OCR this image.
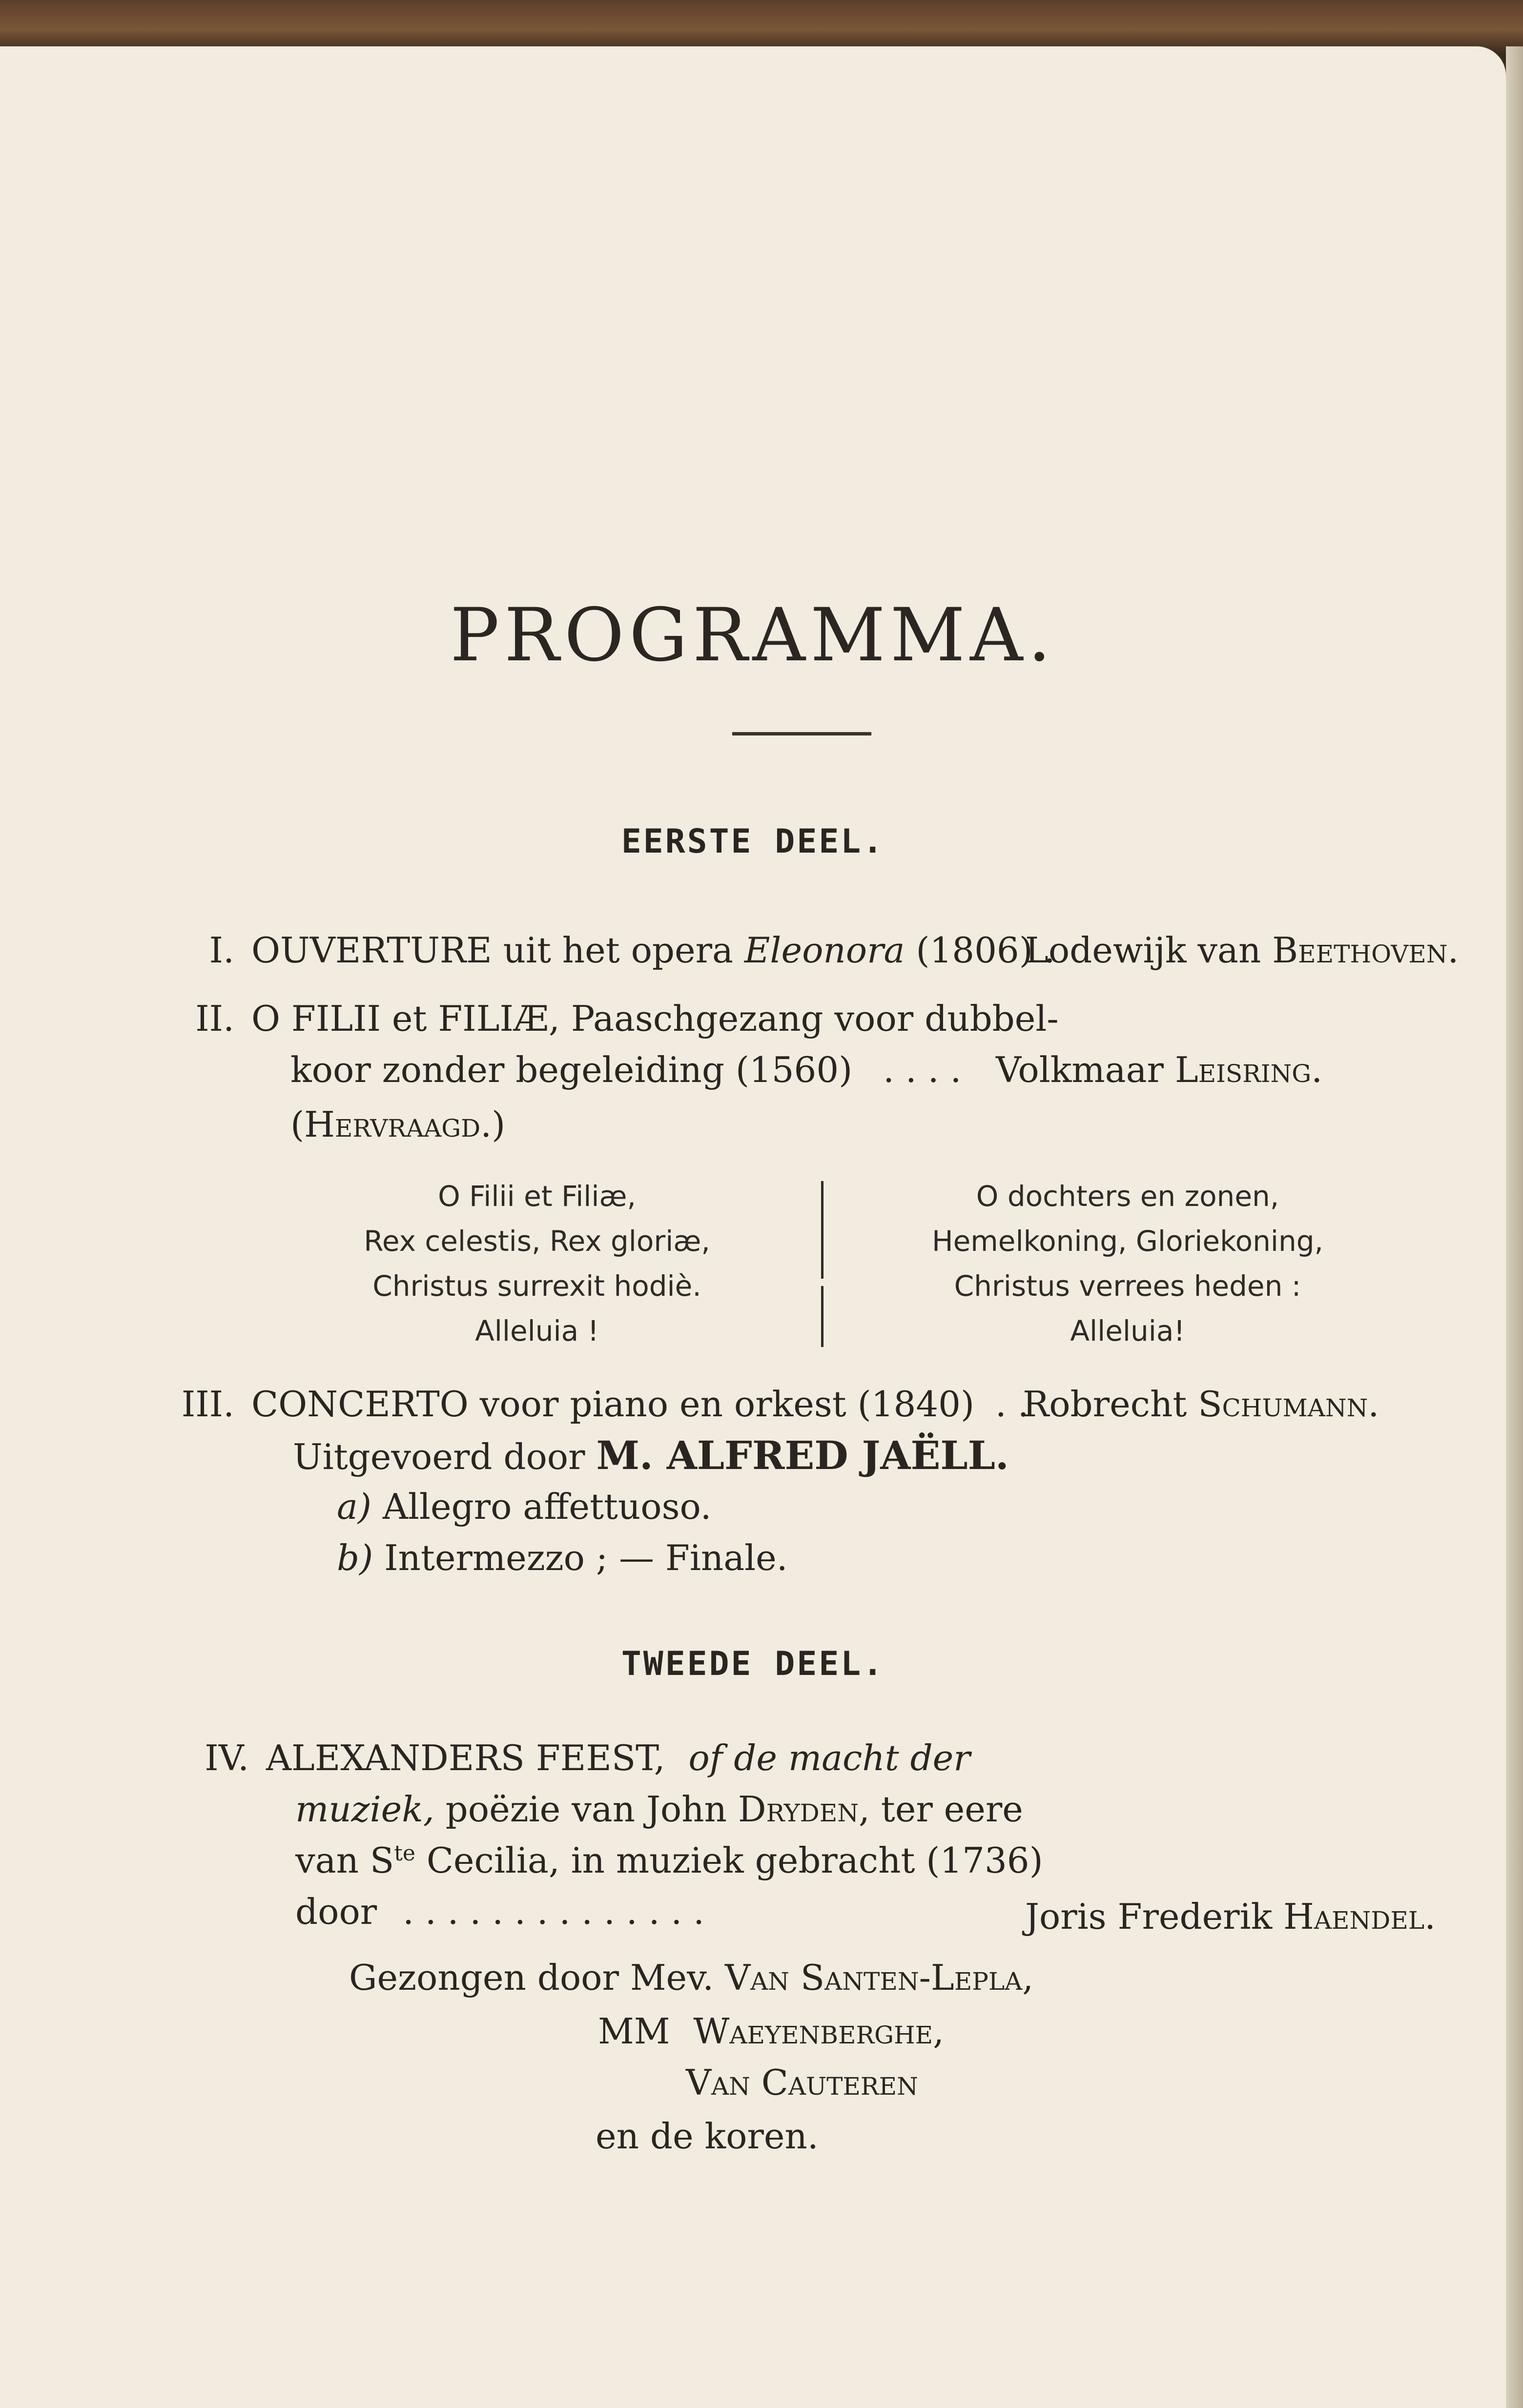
PROGRAMMA.
EERSTE DEEL.
I. OUVERTURE uit het opera Eleonora (1806) .
Lodewijk van Beethoven.
II. O FILII et FILIÆ, Paaschgezang voor dubbel-
koor zonder begeleiding (1560) . . . . Volkmaar Leisring.
(Hervraagd.)
O Filii et Filiæ,
Rex celestis, Rex gloriæ,
Christus surrexit hodiè.
Alleluia !
O dochters en zonen,
Hemelkoning, Gloriekoning,
Christus verrees heden :
Alleluia!
III. CONCERTO voor piano en orkest (1840) . .
Robrecht Schumann.
Uitgevoerd door M. ALFRED JAËLL.
a) Allegro affettuoso.
b) Intermezzo ; — Finale.
TWEEDE DEEL.
IV. ALEXANDERS FEEST, of de macht der
muziek, poëzie van John Dryden, ter eere
van $S^{te}$ Cecilia, in muziek gebracht (1736)
door . . . . . . . . . . . . . .	Joris Frederik Haendel.
Gezongen door Mev. Van Santen-Lepla,
MM Waeyenberghe,
Van Cauteren
en de koren.
